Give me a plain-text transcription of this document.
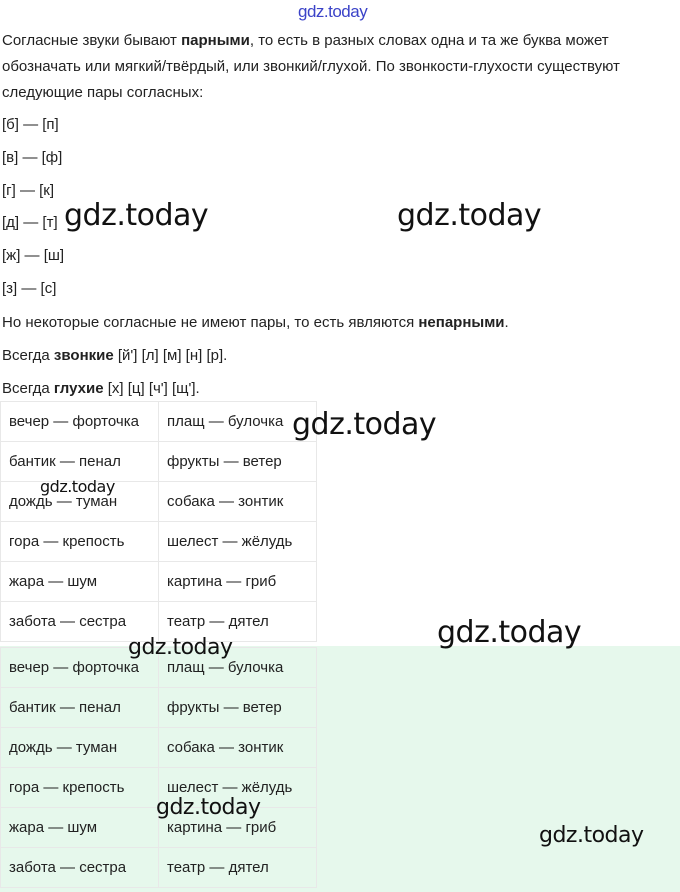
gdz.today

Согласные звуки бывают парными, то есть в разных словах одна и та же буква может обозначать или мягкий/твёрдый, или звонкий/глухой. По звонкости-глухости существуют следующие пары согласных:

[б] — [п]

[в] — [ф]

[г] — [к]

[д] — [т]

[ж] — [ш]

[з] — [с]

Но некоторые согласные не имеют пары, то есть являются непарными.

Всегда звонкие [й'] [л] [м] [н] [р].

Всегда глухие [х] [ц] [ч'] [щ'].

вечер — форточка	плащ — булочка
бантик — пенал	фрукты — ветер
дождь — туман	собака — зонтик
гора — крепость	шелест — жёлудь
жара — шум	картина — гриб
забота — сестра	театр — дятел
вечер — форточка	плащ — булочка
бантик — пенал	фрукты — ветер
дождь — туман	собака — зонтик
гора — крепость	шелест — жёлудь
жара — шум	картина — гриб
забота — сестра	театр — дятел
gdz.today	gdz.today
gdz.today
gdz.today
gdz.today
gdz.today
gdz.today
gdz.today
